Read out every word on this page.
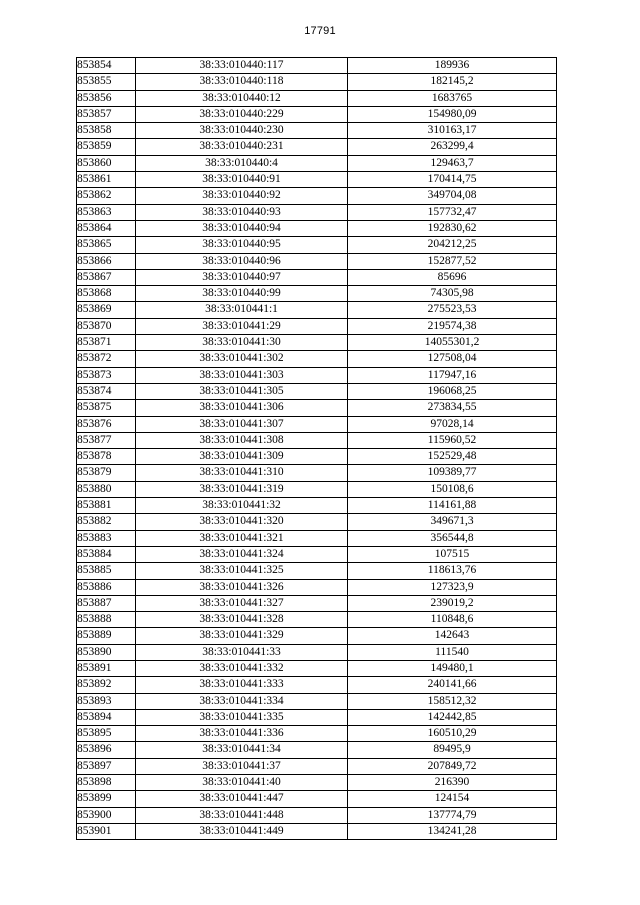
17791
853854	38:33:010440:117	189936
853855	38:33:010440:118	182145,2
853856	38:33:010440:12	1683765
853857	38:33:010440:229	154980,09
853858	38:33:010440:230	310163,17
853859	38:33:010440:231	263299,4
853860	38:33:010440:4	129463,7
853861	38:33:010440:91	170414,75
853862	38:33:010440:92	349704,08
853863	38:33:010440:93	157732,47
853864	38:33:010440:94	192830,62
853865	38:33:010440:95	204212,25
853866	38:33:010440:96	152877,52
853867	38:33:010440:97	85696
853868	38:33:010440:99	74305,98
853869	38:33:010441:1	275523,53
853870	38:33:010441:29	219574,38
853871	38:33:010441:30	14055301,2
853872	38:33:010441:302	127508,04
853873	38:33:010441:303	117947,16
853874	38:33:010441:305	196068,25
853875	38:33:010441:306	273834,55
853876	38:33:010441:307	97028,14
853877	38:33:010441:308	115960,52
853878	38:33:010441:309	152529,48
853879	38:33:010441:310	109389,77
853880	38:33:010441:319	150108,6
853881	38:33:010441:32	114161,88
853882	38:33:010441:320	349671,3
853883	38:33:010441:321	356544,8
853884	38:33:010441:324	107515
853885	38:33:010441:325	118613,76
853886	38:33:010441:326	127323,9
853887	38:33:010441:327	239019,2
853888	38:33:010441:328	110848,6
853889	38:33:010441:329	142643
853890	38:33:010441:33	111540
853891	38:33:010441:332	149480,1
853892	38:33:010441:333	240141,66
853893	38:33:010441:334	158512,32
853894	38:33:010441:335	142442,85
853895	38:33:010441:336	160510,29
853896	38:33:010441:34	89495,9
853897	38:33:010441:37	207849,72
853898	38:33:010441:40	216390
853899	38:33:010441:447	124154
853900	38:33:010441:448	137774,79
853901	38:33:010441:449	134241,28
